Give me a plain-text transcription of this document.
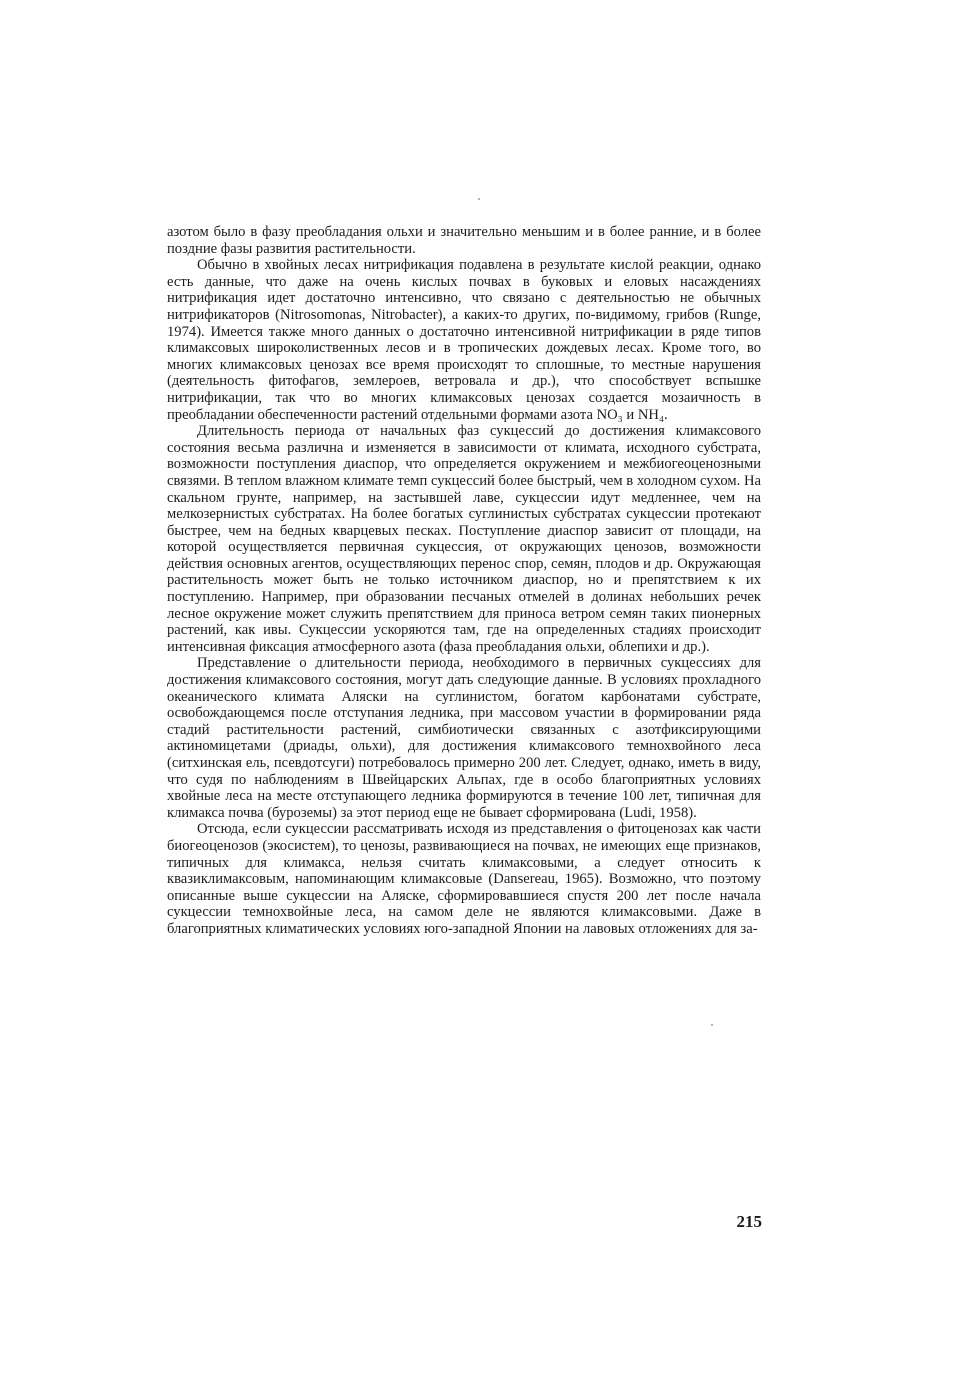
азотом было в фазу преобладания ольхи и значительно меньшим и в более ранние, и в более поздние фазы развития растительности.

Обычно в хвойных лесах нитрификация подавлена в результате кислой реакции, однако есть данные, что даже на очень кислых почвах в буковых и еловых насаждениях нитрификация идет достаточно интенсивно, что связано с деятельностью не обычных нитрификаторов (Nitrosomonas, Nitrobacter), а каких-то других, по-видимому, грибов (Runge, 1974). Имеется также много данных о достаточно интенсивной нитрификации в ряде типов климаксовых широколиственных лесов и в тропических дождевых лесах. Кроме того, во многих климаксовых ценозах все время происходят то сплошные, то местные нарушения (деятельность фитофагов, землероев, ветровала и др.), что способствует вспышке нитрификации, так что во многих климаксовых ценозах создается мозаичность в преобладании обеспеченности растений отдельными формами азота NO₃ и NH₄.

Длительность периода от начальных фаз сукцессий до достижения климаксового состояния весьма различна и изменяется в зависимости от климата, исходного субстрата, возможности поступления диаспор, что определяется окружением и межбиогеоценозными связями. В теплом влажном климате темп сукцессий более быстрый, чем в холодном сухом. На скальном грунте, например, на застывшей лаве, сукцессии идут медленнее, чем на мелкозернистых субстратах. На более богатых суглинистых субстратах сукцессии протекают быстрее, чем на бедных кварцевых песках. Поступление диаспор зависит от площади, на которой осуществляется первичная сукцессия, от окружающих ценозов, возможности действия основных агентов, осуществляющих перенос спор, семян, плодов и др. Окружающая растительность может быть не только источником диаспор, но и препятствием к их поступлению. Например, при образовании песчаных отмелей в долинах небольших речек лесное окружение может служить препятствием для приноса ветром семян таких пионерных растений, как ивы. Сукцессии ускоряются там, где на определенных стадиях происходит интенсивная фиксация атмосферного азота (фаза преобладания ольхи, облепихи и др.).

Представление о длительности периода, необходимого в первичных сукцессиях для достижения климаксового состояния, могут дать следующие данные. В условиях прохладного океанического климата Аляски на суглинистом, богатом карбонатами субстрате, освобождающемся после отступания ледника, при массовом участии в формировании ряда стадий растительности растений, симбиотически связанных с азотфиксирующими актиномицетами (дриады, ольхи), для достижения климаксового темнохвойного леса (ситхинская ель, псевдотсуги) потребовалось примерно 200 лет. Следует, однако, иметь в виду, что судя по наблюдениям в Швейцарских Альпах, где в особо благоприятных условиях хвойные леса на месте отступающего ледника формируются в течение 100 лет, типичная для климакса почва (буроземы) за этот период еще не бывает сформирована (Ludi, 1958).

Отсюда, если сукцессии рассматривать исходя из представления о фитоценозах как части биогеоценозов (экосистем), то ценозы, развивающиеся на почвах, не имеющих еще признаков, типичных для климакса, нельзя считать климаксовыми, а следует относить к квазиклимаксовым, напоминающим климаксовые (Dansereau, 1965). Возможно, что поэтому описанные выше сукцессии на Аляске, сформировавшиеся спустя 200 лет после начала сукцессии темнохвойные леса, на самом деле не являются климаксовыми. Даже в благоприятных климатических условиях юго-западной Японии на лавовых отложениях для за-

215
